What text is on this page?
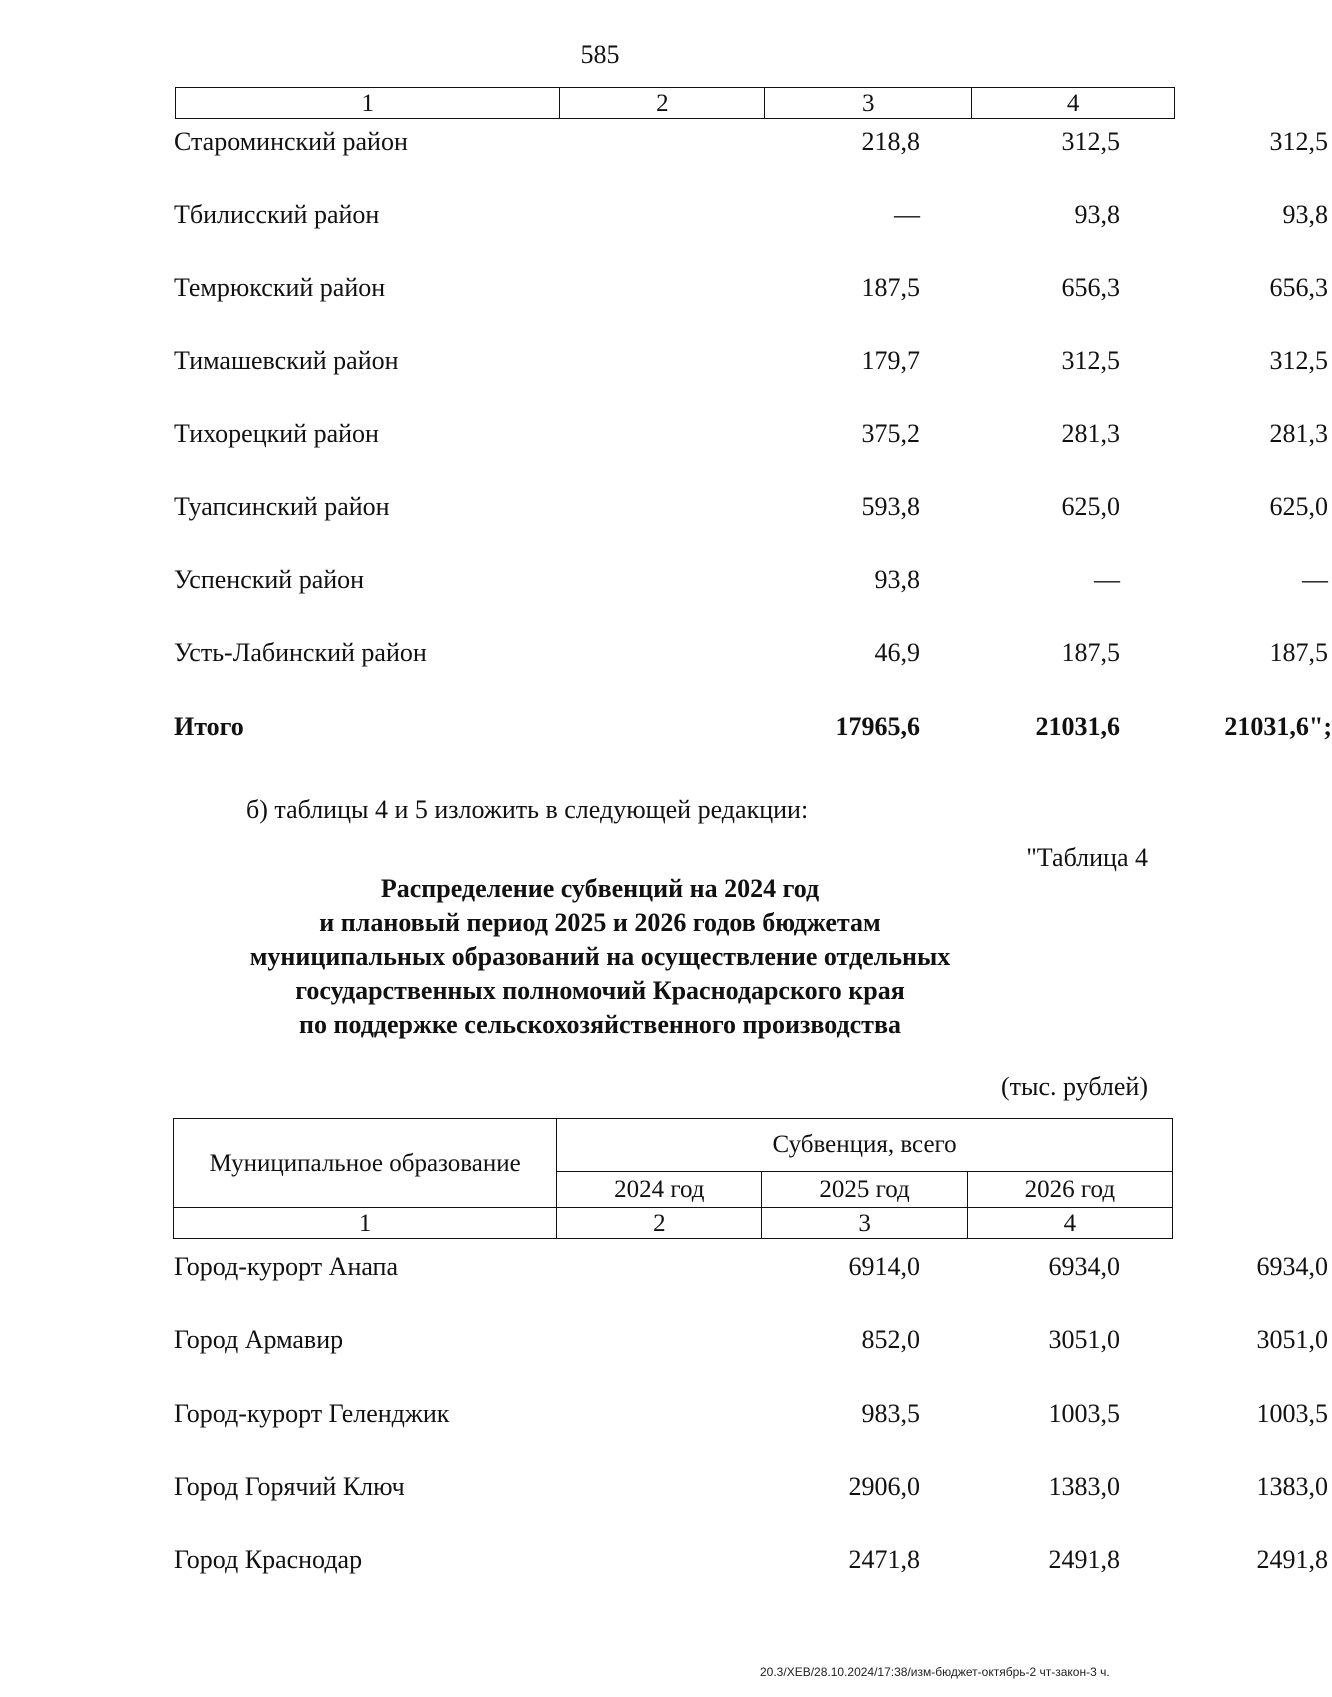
585
1	2	3	4
Староминский район	218,8	312,5	312,5
Тбилисский район	—	93,8	93,8
Темрюкский район	187,5	656,3	656,3
Тимашевский район	179,7	312,5	312,5
Тихорецкий район	375,2	281,3	281,3
Туапсинский район	593,8	625,0	625,0
Успенский район	93,8	—	—
Усть-Лабинский район	46,9	187,5	187,5
Итого	17965,6	21031,6	21031,6";
б) таблицы 4 и 5 изложить в следующей редакции:
"Таблица 4
Распределение субвенций на 2024 год
и плановый период 2025 и 2026 годов бюджетам
муниципальных образований на осуществление отдельных
государственных полномочий Краснодарского края
по поддержке сельскохозяйственного производства
(тыс. рублей)
Муниципальное образование	Субвенция, всего		
	2024 год	2025 год	2026 год
1	2	3	4
Город-курорт Анапа	6914,0	6934,0	6934,0
Город Армавир	852,0	3051,0	3051,0
Город-курорт Геленджик	983,5	1003,5	1003,5
Город Горячий Ключ	2906,0	1383,0	1383,0
Город Краснодар	2471,8	2491,8	2491,8
20.3/ХЕВ/28.10.2024/17:38/изм-бюджет-октябрь-2 чт-закон-3 ч.
